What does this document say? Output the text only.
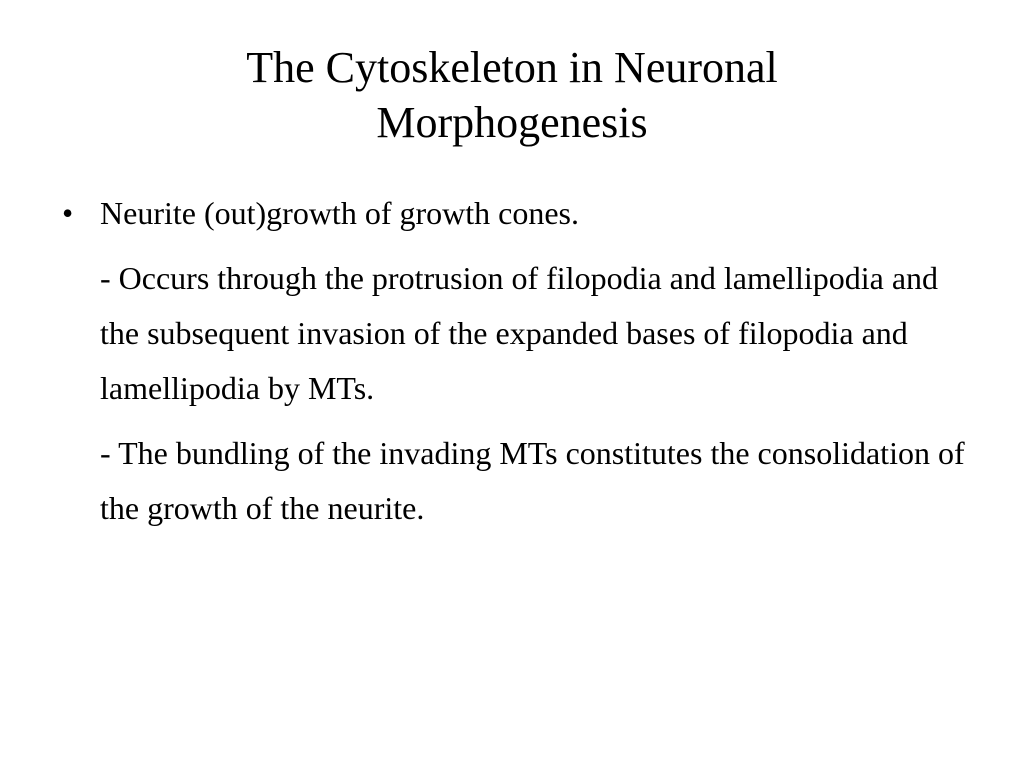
The Cytoskeleton in Neuronal
Morphogenesis
• Neurite (out)growth of growth cones.
- Occurs through the protrusion of filopodia and lamellipodia and the subsequent invasion of the expanded bases of filopodia and lamellipodia by MTs.
- The bundling of the invading MTs constitutes the consolidation of the growth of the neurite.
